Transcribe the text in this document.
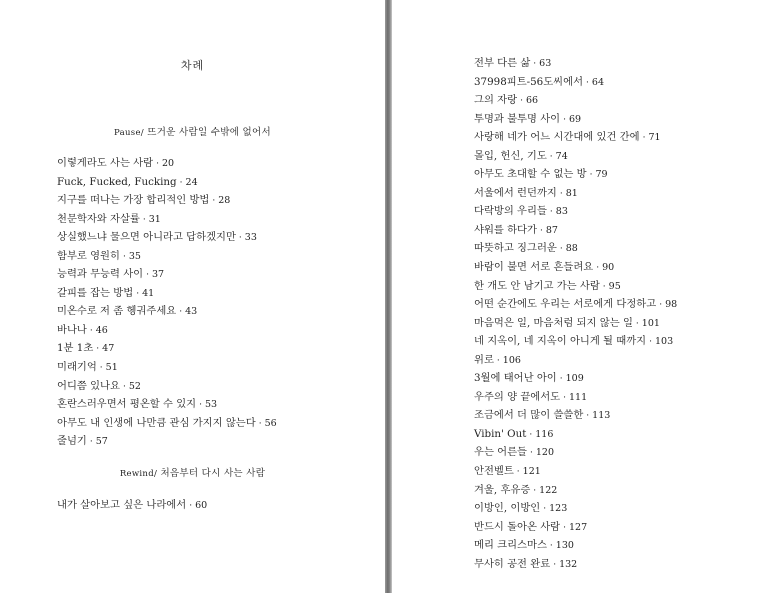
차례
Pause/ 뜨거운 사람일 수밖에 없어서
이렇게라도 사는 사람 · 20
Fuck, Fucked, Fucking · 24
지구를 떠나는 가장 합리적인 방법 · 28
천문학자와 자살률 · 31
상실했느냐 물으면 아니라고 답하겠지만 · 33
함부로 영원히 · 35
능력과 무능력 사이 · 37
갈피를 잡는 방법 · 41
미온수로 저 좀 헹궈주세요 · 43
바나나 · 46
1분 1초 · 47
미래기억 · 51
어디쯤 있나요 · 52
혼란스러우면서 평온할 수 있지 · 53
아무도 내 인생에 나만큼 관심 가지지 않는다 · 56
줄넘기 · 57
Rewind/ 처음부터 다시 사는 사람
내가 살아보고 싶은 나라에서 · 60
전부 다른 삶 · 63
37998피트-56도씨에서 · 64
그의 자랑 · 66
투명과 불투명 사이 · 69
사랑해 네가 어느 시간대에 있건 간에 · 71
몰입, 헌신, 기도 · 74
아무도 초대할 수 없는 방 · 79
서울에서 런던까지 · 81
다락방의 우리들 · 83
샤워를 하다가 · 87
따뜻하고 징그러운 · 88
바람이 불면 서로 흔들려요 · 90
한 개도 안 남기고 가는 사람 · 95
어떤 순간에도 우리는 서로에게 다정하고 · 98
마음먹은 일, 마음처럼 되지 않는 일 · 101
네 지옥이, 네 지옥이 아니게 될 때까지 · 103
위로 · 106
3월에 태어난 아이 · 109
우주의 양 끝에서도 · 111
조금에서 더 많이 쓸쓸한 · 113
Vibin' Out · 116
우는 어른들 · 120
안전벨트 · 121
겨울, 후유증 · 122
이방인, 이방인 · 123
반드시 돌아온 사람 · 127
메리 크리스마스 · 130
무사히 공전 완료 · 132
